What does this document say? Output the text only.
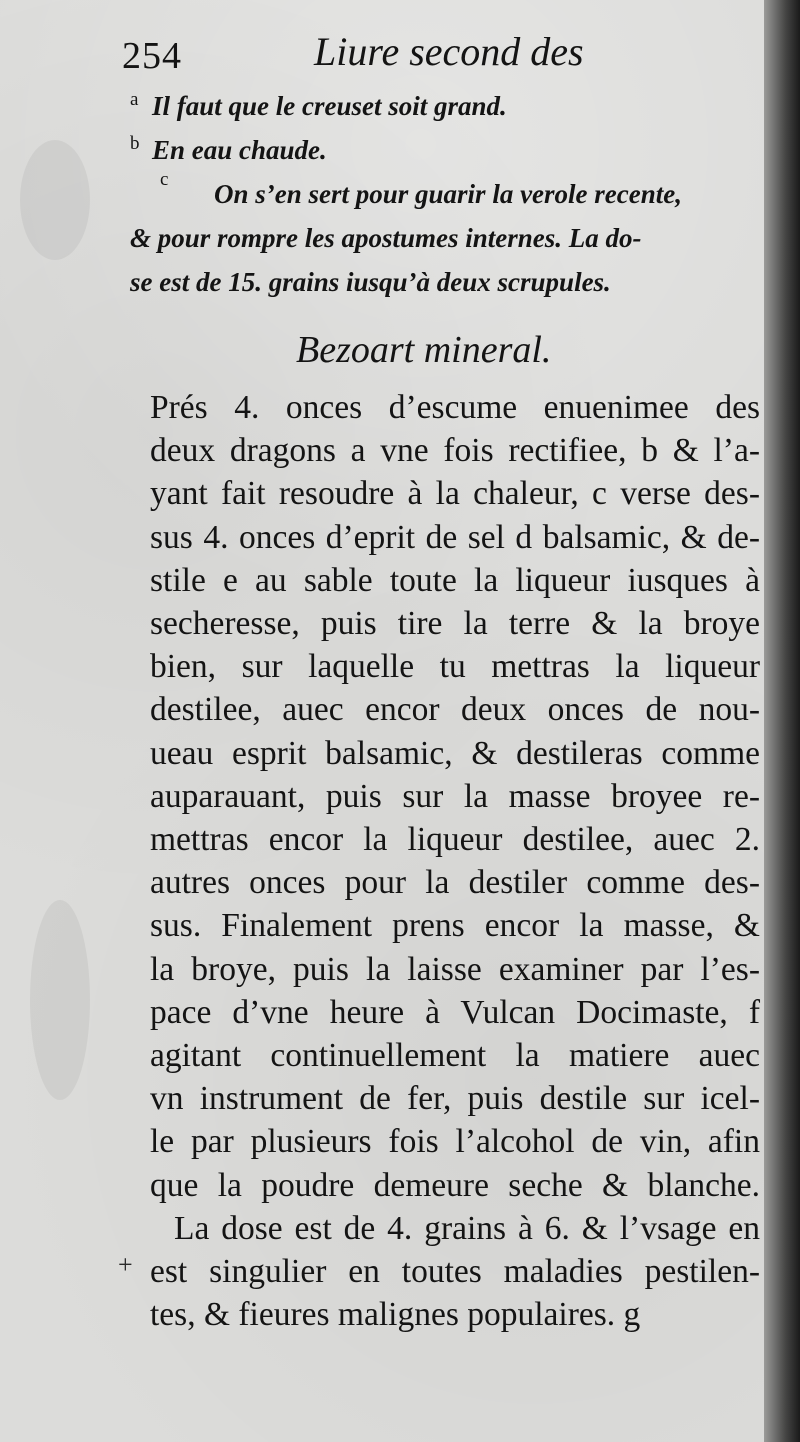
254	Liure second des
a Il faut que le creuset soit grand.
b En eau chaude.
c On s’en sert pour guarir la verole recente,
& pour rompre les apostumes internes. La do-
se est de 15. grains iusqu’à deux scrupules.
Bezoart mineral.
Prés 4. onces d’escume enuenimee des
deux dragons a vne fois rectifiee, b & l’a-
yant fait resoudre à la chaleur, c verse des-
sus 4. onces d’eprit de sel d balsamic, & de-
stile e au sable toute la liqueur iusques à
secheresse, puis tire la terre & la broye
bien, sur laquelle tu mettras la liqueur
destilee, auec encor deux onces de nou-
ueau esprit balsamic, & destileras comme
auparauant, puis sur la masse broyee re-
mettras encor la liqueur destilee, auec 2.
autres onces pour la destiler comme des-
sus. Finalement prens encor la masse, &
la broye, puis la laisse examiner par l’es-
pace d’vne heure à Vulcan Docimaste, f
agitant continuellement la matiere auec
vn instrument de fer, puis destile sur icel-
le par plusieurs fois l’alcohol de vin, afin
que la poudre demeure seche & blanche.
La dose est de 4. grains à 6. & l’vsage en
est singulier en toutes maladies pestilen-
tes, & fieures malignes populaires. g
+
